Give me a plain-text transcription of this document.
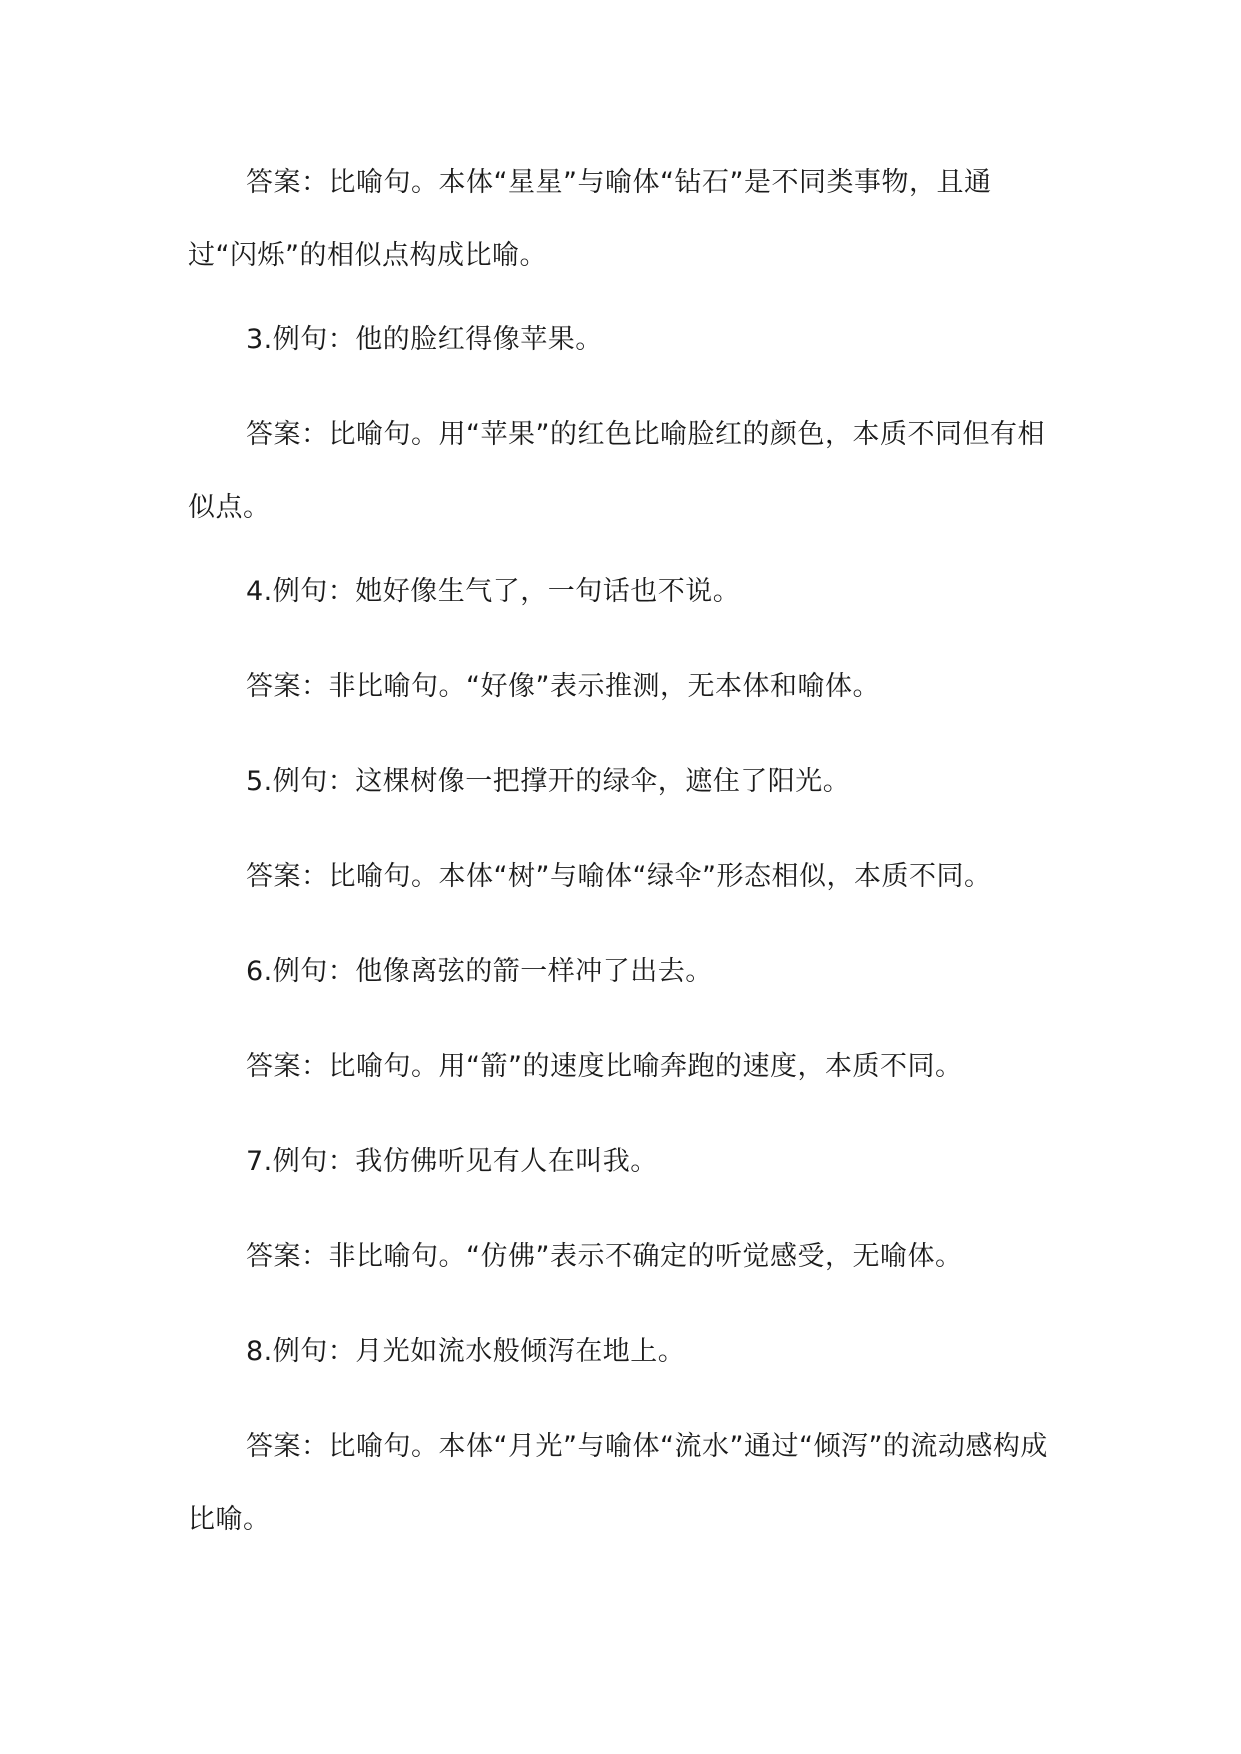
答案：比喻句。本体“星星”与喻体“钻石”是不同类事物，且通过“闪烁”的相似点构成比喻。

3.例句：他的脸红得像苹果。

答案：比喻句。用“苹果”的红色比喻脸红的颜色，本质不同但有相似点。

4.例句：她好像生气了，一句话也不说。

答案：非比喻句。“好像”表示推测，无本体和喻体。

5.例句：这棵树像一把撑开的绿伞，遮住了阳光。

答案：比喻句。本体“树”与喻体“绿伞”形态相似，本质不同。

6.例句：他像离弦的箭一样冲了出去。

答案：比喻句。用“箭”的速度比喻奔跑的速度，本质不同。

7.例句：我仿佛听见有人在叫我。

答案：非比喻句。“仿佛”表示不确定的听觉感受，无喻体。

8.例句：月光如流水般倾泻在地上。

答案：比喻句。本体“月光”与喻体“流水”通过“倾泻”的流动感构成比喻。
